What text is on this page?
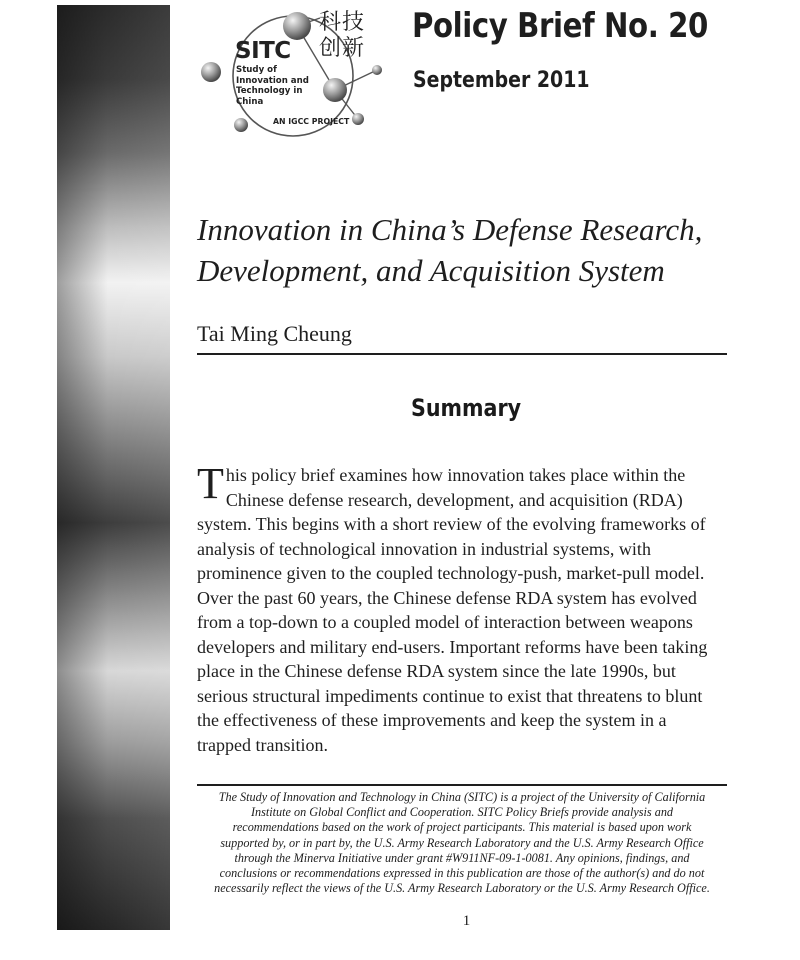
SITC
Study of Innovation and Technology in China
科技创新
AN IGCC PROJECT
Policy Brief No. 20
September 2011
Innovation in China’s Defense Research, Development, and Acquisition System
Tai Ming Cheung
Summary

This policy brief examines how innovation takes place within the Chinese defense research, development, and acquisition (RDA) system. This begins with a short review of the evolving frameworks of analysis of technological innovation in industrial systems, with prominence given to the coupled technology-push, market-pull model. Over the past 60 years, the Chinese defense RDA system has evolved from a top-down to a coupled model of interaction between weapons developers and military end-users. Important reforms have been taking place in the Chinese defense RDA system since the late 1990s, but serious structural impediments continue to exist that threatens to blunt the effectiveness of these improvements and keep the system in a trapped transition.

The Study of Innovation and Technology in China (SITC) is a project of the University of California Institute on Global Conflict and Cooperation. SITC Policy Briefs provide analysis and recommendations based on the work of project participants. This material is based upon work supported by, or in part by, the U.S. Army Research Laboratory and the U.S. Army Research Office through the Minerva Initiative under grant #W911NF-09-1-0081. Any opinions, findings, and conclusions or recommendations expressed in this publication are those of the author(s) and do not necessarily reflect the views of the U.S. Army Research Laboratory or the U.S. Army Research Office.

1
